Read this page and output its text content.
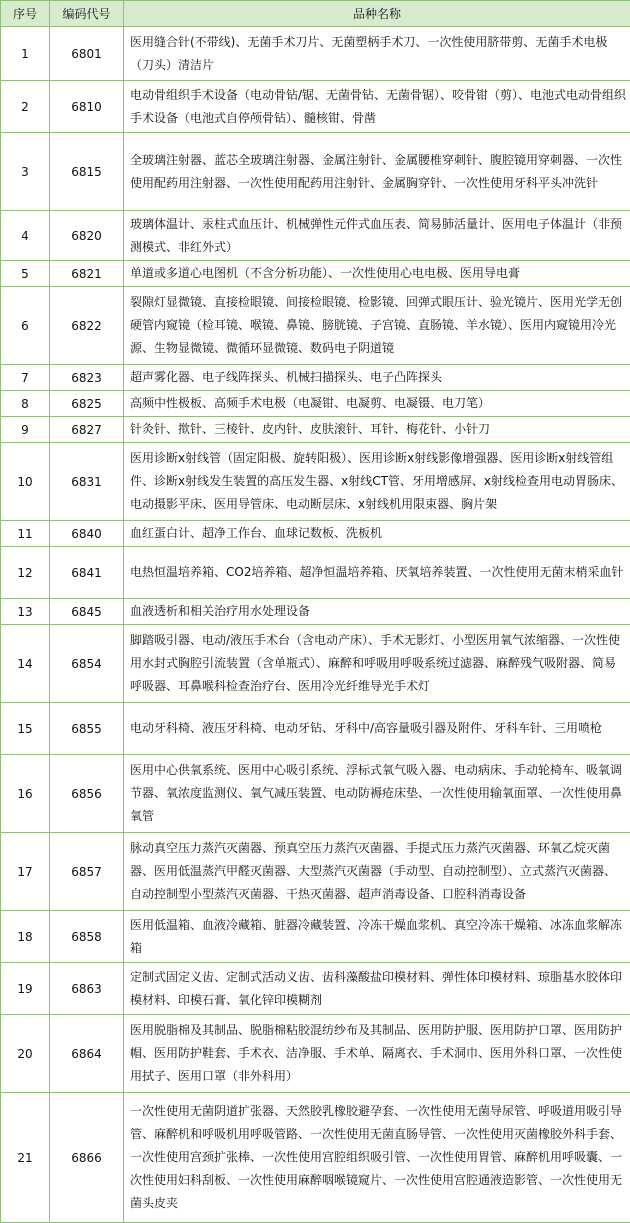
序号	编码代号	品种名称
1	6801	医用缝合针(不带线)、无菌手术刀片、无菌塑柄手术刀、一次性使用脐带剪、无菌手术电极（刀头）清洁片
2	6810	电动骨组织手术设备（电动骨钻/锯、无菌骨钻、无菌骨锯）、咬骨钳（剪）、电池式电动骨组织手术设备（电池式自停颅骨钻）、髓核钳、骨凿
3	6815	全玻璃注射器、蓝芯全玻璃注射器、金属注射针、金属腰椎穿刺针、腹腔镜用穿刺器、一次性使用配药用注射器、一次性使用配药用注射针、金属胸穿针、一次性使用牙科平头冲洗针
4	6820	玻璃体温计、汞柱式血压计、机械弹性元件式血压表、简易肺活量计、医用电子体温计（非预测模式、非红外式）
5	6821	单道或多道心电图机（不含分析功能）、一次性使用心电电极、医用导电膏
6	6822	裂隙灯显微镜、直接检眼镜、间接检眼镜、检影镜、回弹式眼压计、验光镜片、医用光学无创硬管内窥镜（检耳镜、喉镜、鼻镜、膀胱镜、子宫镜、直肠镜、羊水镜）、医用内窥镜用冷光源、生物显微镜、微循环显微镜、数码电子阴道镜
7	6823	超声雾化器、电子线阵探头、机械扫描探头、电子凸阵探头
8	6825	高频中性极板、高频手术电极（电凝钳、电凝剪、电凝镊、电刀笔）
9	6827	针灸针、揿针、三棱针、皮内针、皮肤滚针、耳针、梅花针、小针刀
10	6831	医用诊断x射线管（固定阳极、旋转阳极）、医用诊断x射线影像增强器、医用诊断x射线管组件、诊断x射线发生装置的高压发生器、x射线CT管、牙用增感屏、x射线检查用电动胃肠床、电动摄影平床、医用导管床、电动断层床、x射线机用限束器、胸片架
11	6840	血红蛋白计、超净工作台、血球记数板、洗板机
12	6841	电热恒温培养箱、CO2培养箱、超净恒温培养箱、厌氧培养装置、一次性使用无菌末梢采血针
13	6845	血液透析和相关治疗用水处理设备
14	6854	脚踏吸引器、电动/液压手术台（含电动产床）、手术无影灯、小型医用氧气浓缩器、一次性使用水封式胸腔引流装置（含单瓶式）、麻醉和呼吸用呼吸系统过滤器、麻醉残气吸附器、简易呼吸器、耳鼻喉科检查治疗台、医用冷光纤维导光手术灯
15	6855	电动牙科椅、液压牙科椅、电动牙钻、牙科中/高容量吸引器及附件、牙科车针、三用喷枪
16	6856	医用中心供氧系统、医用中心吸引系统、浮标式氧气吸入器、电动病床、手动轮椅车、吸氧调节器、氧浓度监测仪、氧气减压装置、电动防褥疮床垫、一次性使用输氧面罩、一次性使用鼻氧管
17	6857	脉动真空压力蒸汽灭菌器、预真空压力蒸汽灭菌器、手提式压力蒸汽灭菌器、环氧乙烷灭菌器、医用低温蒸汽甲醛灭菌器、大型蒸汽灭菌器（手动型、自动控制型）、立式蒸汽灭菌器、自动控制型小型蒸汽灭菌器、干热灭菌器、超声消毒设备、口腔科消毒设备
18	6858	医用低温箱、血液冷藏箱、脏器冷藏装置、冷冻干燥血浆机、真空冷冻干燥箱、冰冻血浆解冻箱
19	6863	定制式固定义齿、定制式活动义齿、齿科藻酸盐印模材料、弹性体印模材料、琼脂基水胶体印模材料、印模石膏、氧化锌印模糊剂
20	6864	医用脱脂棉及其制品、脱脂棉粘胶混纺纱布及其制品、医用防护服、医用防护口罩、医用防护帽、医用防护鞋套、手术衣、洁净服、手术单、隔离衣、手术洞巾、医用外科口罩、一次性使用拭子、医用口罩（非外科用）
21	6866	一次性使用无菌阴道扩张器、天然胶乳橡胶避孕套、一次性使用无菌导尿管、呼吸道用吸引导管、麻醉机和呼吸机用呼吸管路、一次性使用无菌直肠导管、一次性使用灭菌橡胶外科手套、一次性使用宫颈扩张棒、一次性使用宫腔组织吸引管、一次性使用胃管、麻醉机用呼吸囊、一次性使用妇科刮板、一次性使用麻醉咽喉镜窥片、一次性使用宫腔通液造影管、一次性使用无菌头皮夹
